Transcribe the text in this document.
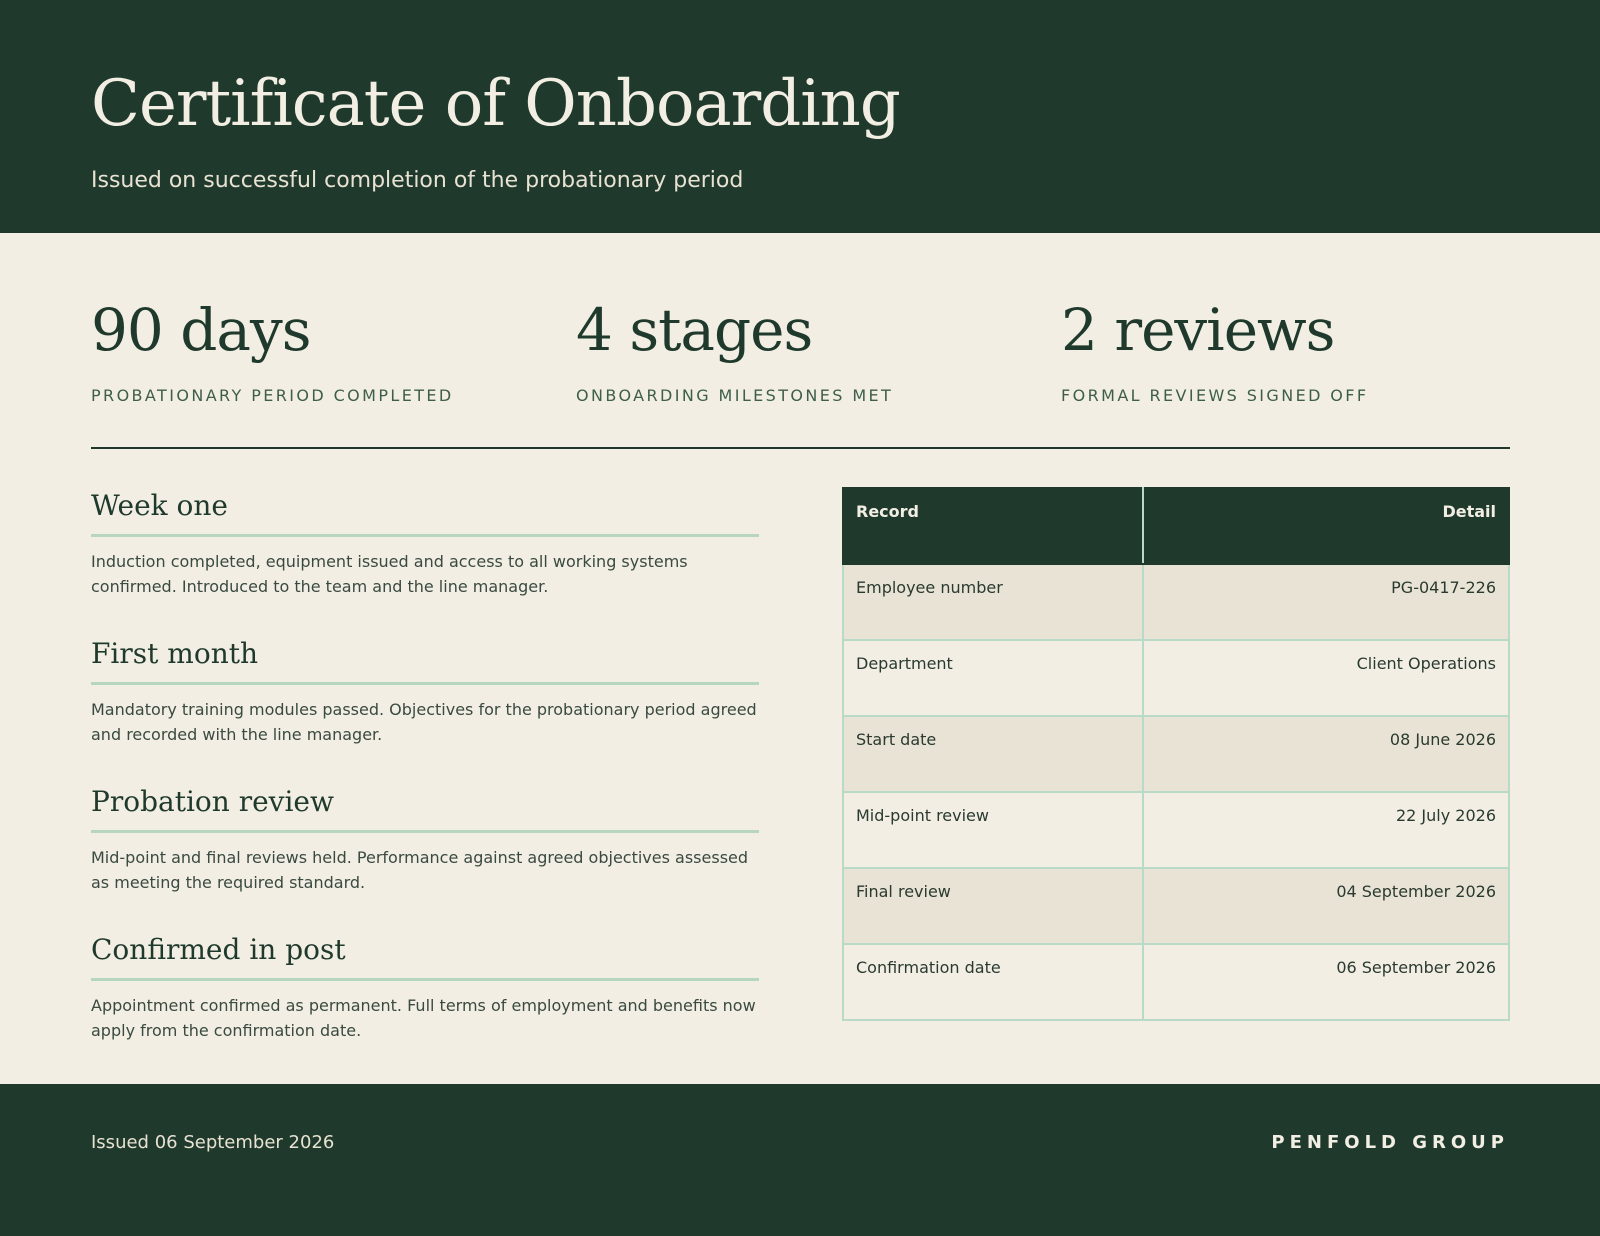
Certificate of Onboarding
Issued on successful completion of the probationary period
90 days
PROBATIONARY PERIOD COMPLETED
4 stages
ONBOARDING MILESTONES MET
2 reviews
FORMAL REVIEWS SIGNED OFF
Week one
Induction completed, equipment issued and access to all working systems confirmed. Introduced to the team and the line manager.
First month
Mandatory training modules passed. Objectives for the probationary period agreed and recorded with the line manager.
Probation review
Mid-point and final reviews held. Performance against agreed objectives assessed as meeting the required standard.
Confirmed in post
Appointment confirmed as permanent. Full terms of employment and benefits now apply from the confirmation date.
Record	Detail
Employee number	PG-0417-226
Department	Client Operations
Start date	08 June 2026
Mid-point review	22 July 2026
Final review	04 September 2026
Confirmation date	06 September 2026
Issued 06 September 2026	PENFOLD GROUP
